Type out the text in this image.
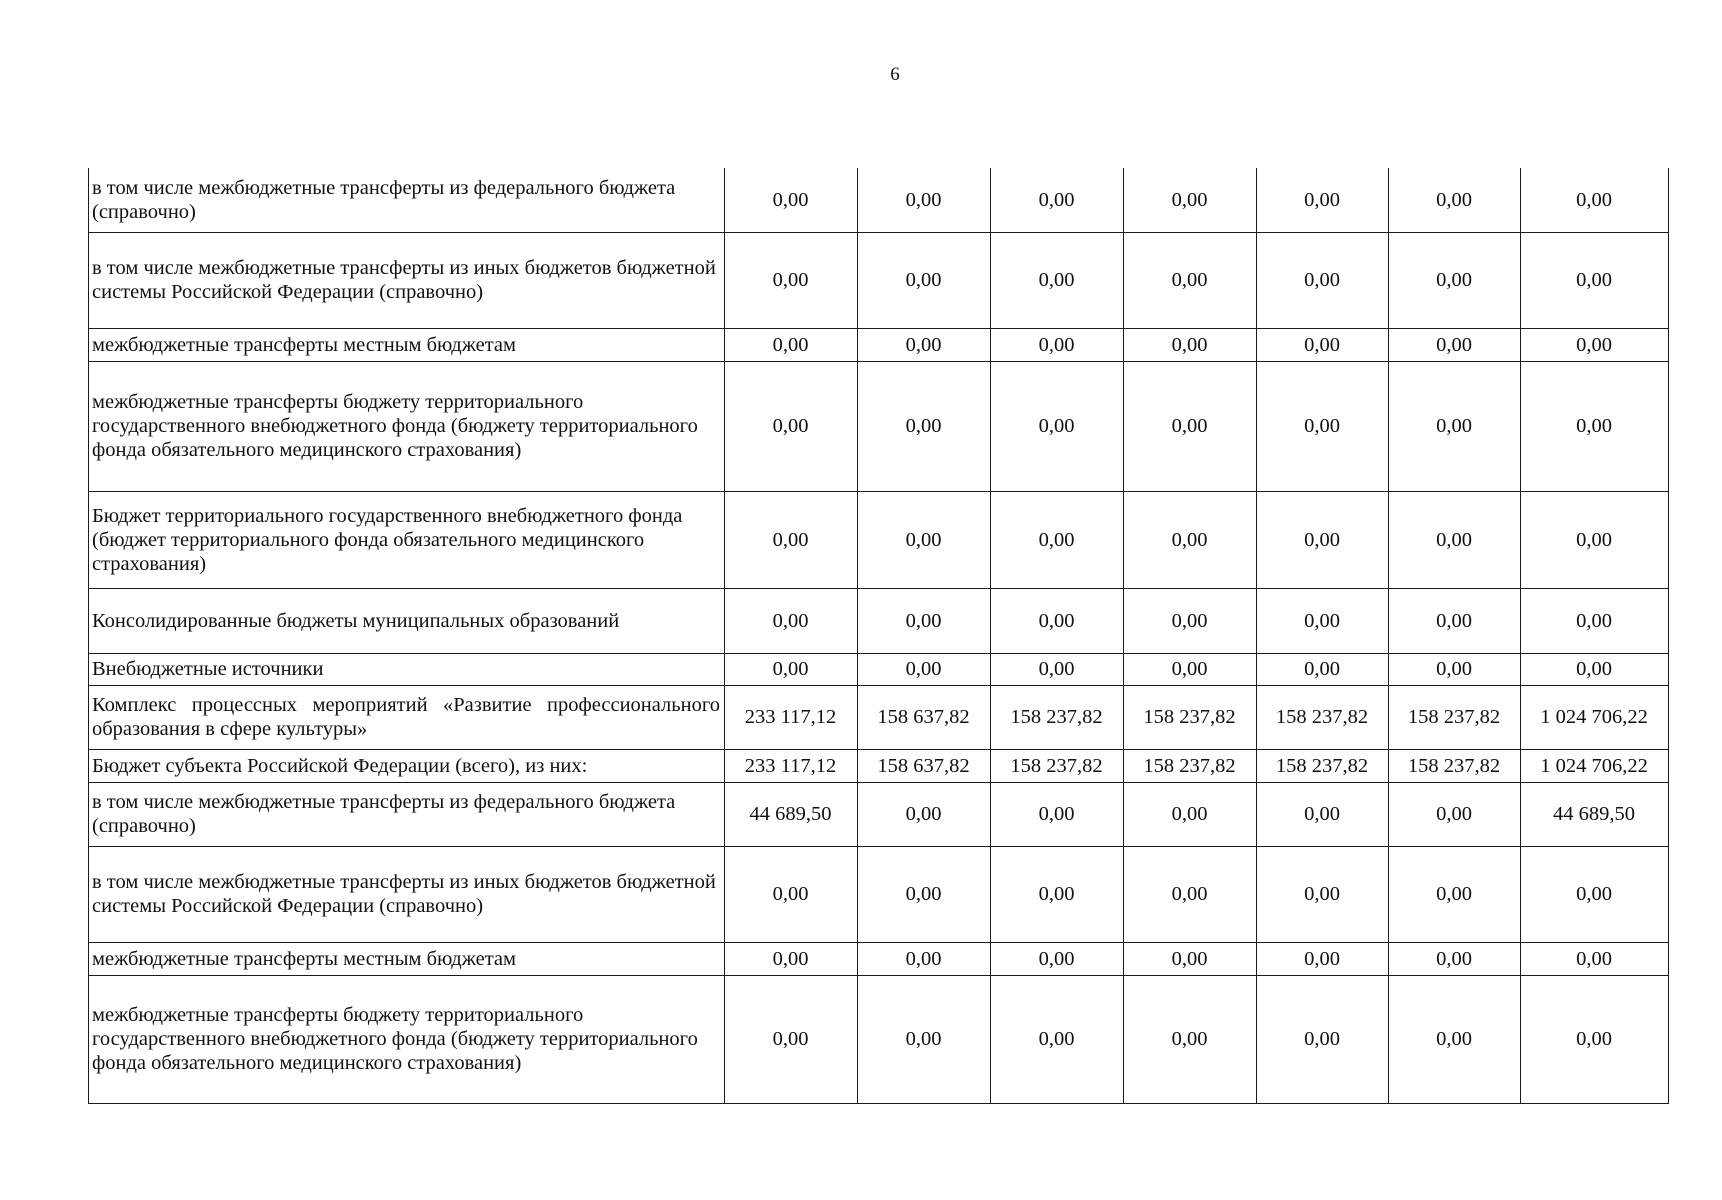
6
в том числе межбюджетные трансферты из федерального бюджета (справочно)	0,00	0,00	0,00	0,00	0,00	0,00	0,00
в том числе межбюджетные трансферты из иных бюджетов бюджетной системы Российской Федерации (справочно)	0,00	0,00	0,00	0,00	0,00	0,00	0,00
межбюджетные трансферты местным бюджетам	0,00	0,00	0,00	0,00	0,00	0,00	0,00
межбюджетные трансферты бюджету территориального государственного внебюджетного фонда (бюджету территориального фонда обязательного медицинского страхования)	0,00	0,00	0,00	0,00	0,00	0,00	0,00
Бюджет территориального государственного внебюджетного фонда (бюджет территориального фонда обязательного медицинского страхования)	0,00	0,00	0,00	0,00	0,00	0,00	0,00
Консолидированные бюджеты муниципальных образований	0,00	0,00	0,00	0,00	0,00	0,00	0,00
Внебюджетные источники	0,00	0,00	0,00	0,00	0,00	0,00	0,00
Комплекс процессных мероприятий «Развитие профессионального образования в сфере культуры»	233 117,12	158 637,82	158 237,82	158 237,82	158 237,82	158 237,82	1 024 706,22
Бюджет субъекта Российской Федерации (всего), из них:	233 117,12	158 637,82	158 237,82	158 237,82	158 237,82	158 237,82	1 024 706,22
в том числе межбюджетные трансферты из федерального бюджета (справочно)	44 689,50	0,00	0,00	0,00	0,00	0,00	44 689,50
в том числе межбюджетные трансферты из иных бюджетов бюджетной системы Российской Федерации (справочно)	0,00	0,00	0,00	0,00	0,00	0,00	0,00
межбюджетные трансферты местным бюджетам	0,00	0,00	0,00	0,00	0,00	0,00	0,00
межбюджетные трансферты бюджету территориального государственного внебюджетного фонда (бюджету территориального фонда обязательного медицинского страхования)	0,00	0,00	0,00	0,00	0,00	0,00	0,00
